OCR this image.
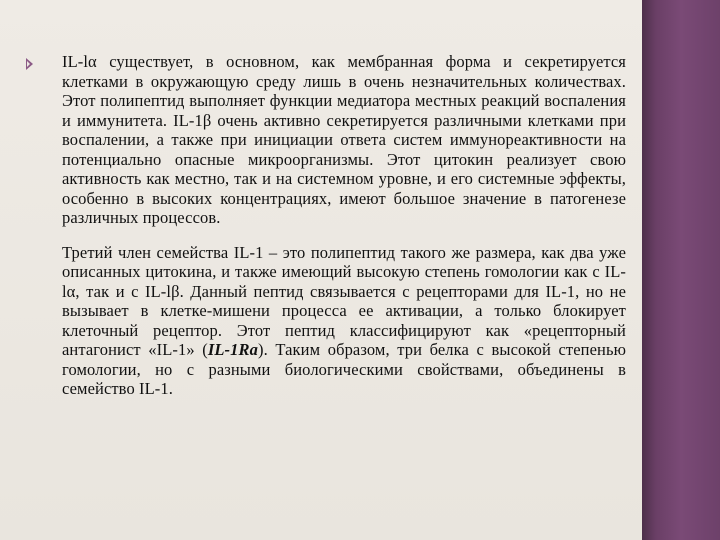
IL-lα существует, в основном, как мембранная форма и секретируется клетками в окружающую среду лишь в очень незначительных количествах. Этот полипептид выполняет функции медиатора местных реакций воспаления и иммунитета. IL-1β очень активно секретируется различными клетками при воспалении, а также при инициации ответа систем иммунореактивности на потенциально опасные микроорганизмы. Этот цитокин реализует свою активность как местно, так и на системном уровне, и его системные эффекты, особенно в высоких концентрациях, имеют большое значение в патогенезе различных процессов.

Третий член семейства IL-1 – это полипептид такого же размера, как два уже описанных цитокина, и также имеющий высокую степень гомологии как с IL-lα, так и с IL-lβ. Данный пептид связывается с рецепторами для IL-1, но не вызывает в клетке-мишени процесса ее активации, а только блокирует клеточный рецептор. Этот пептид классифицируют как «рецепторный антагонист «IL-1» (IL-1Ra). Таким образом, три белка с высокой степенью гомологии, но с разными биологическими свойствами, объединены в семейство IL-1.
